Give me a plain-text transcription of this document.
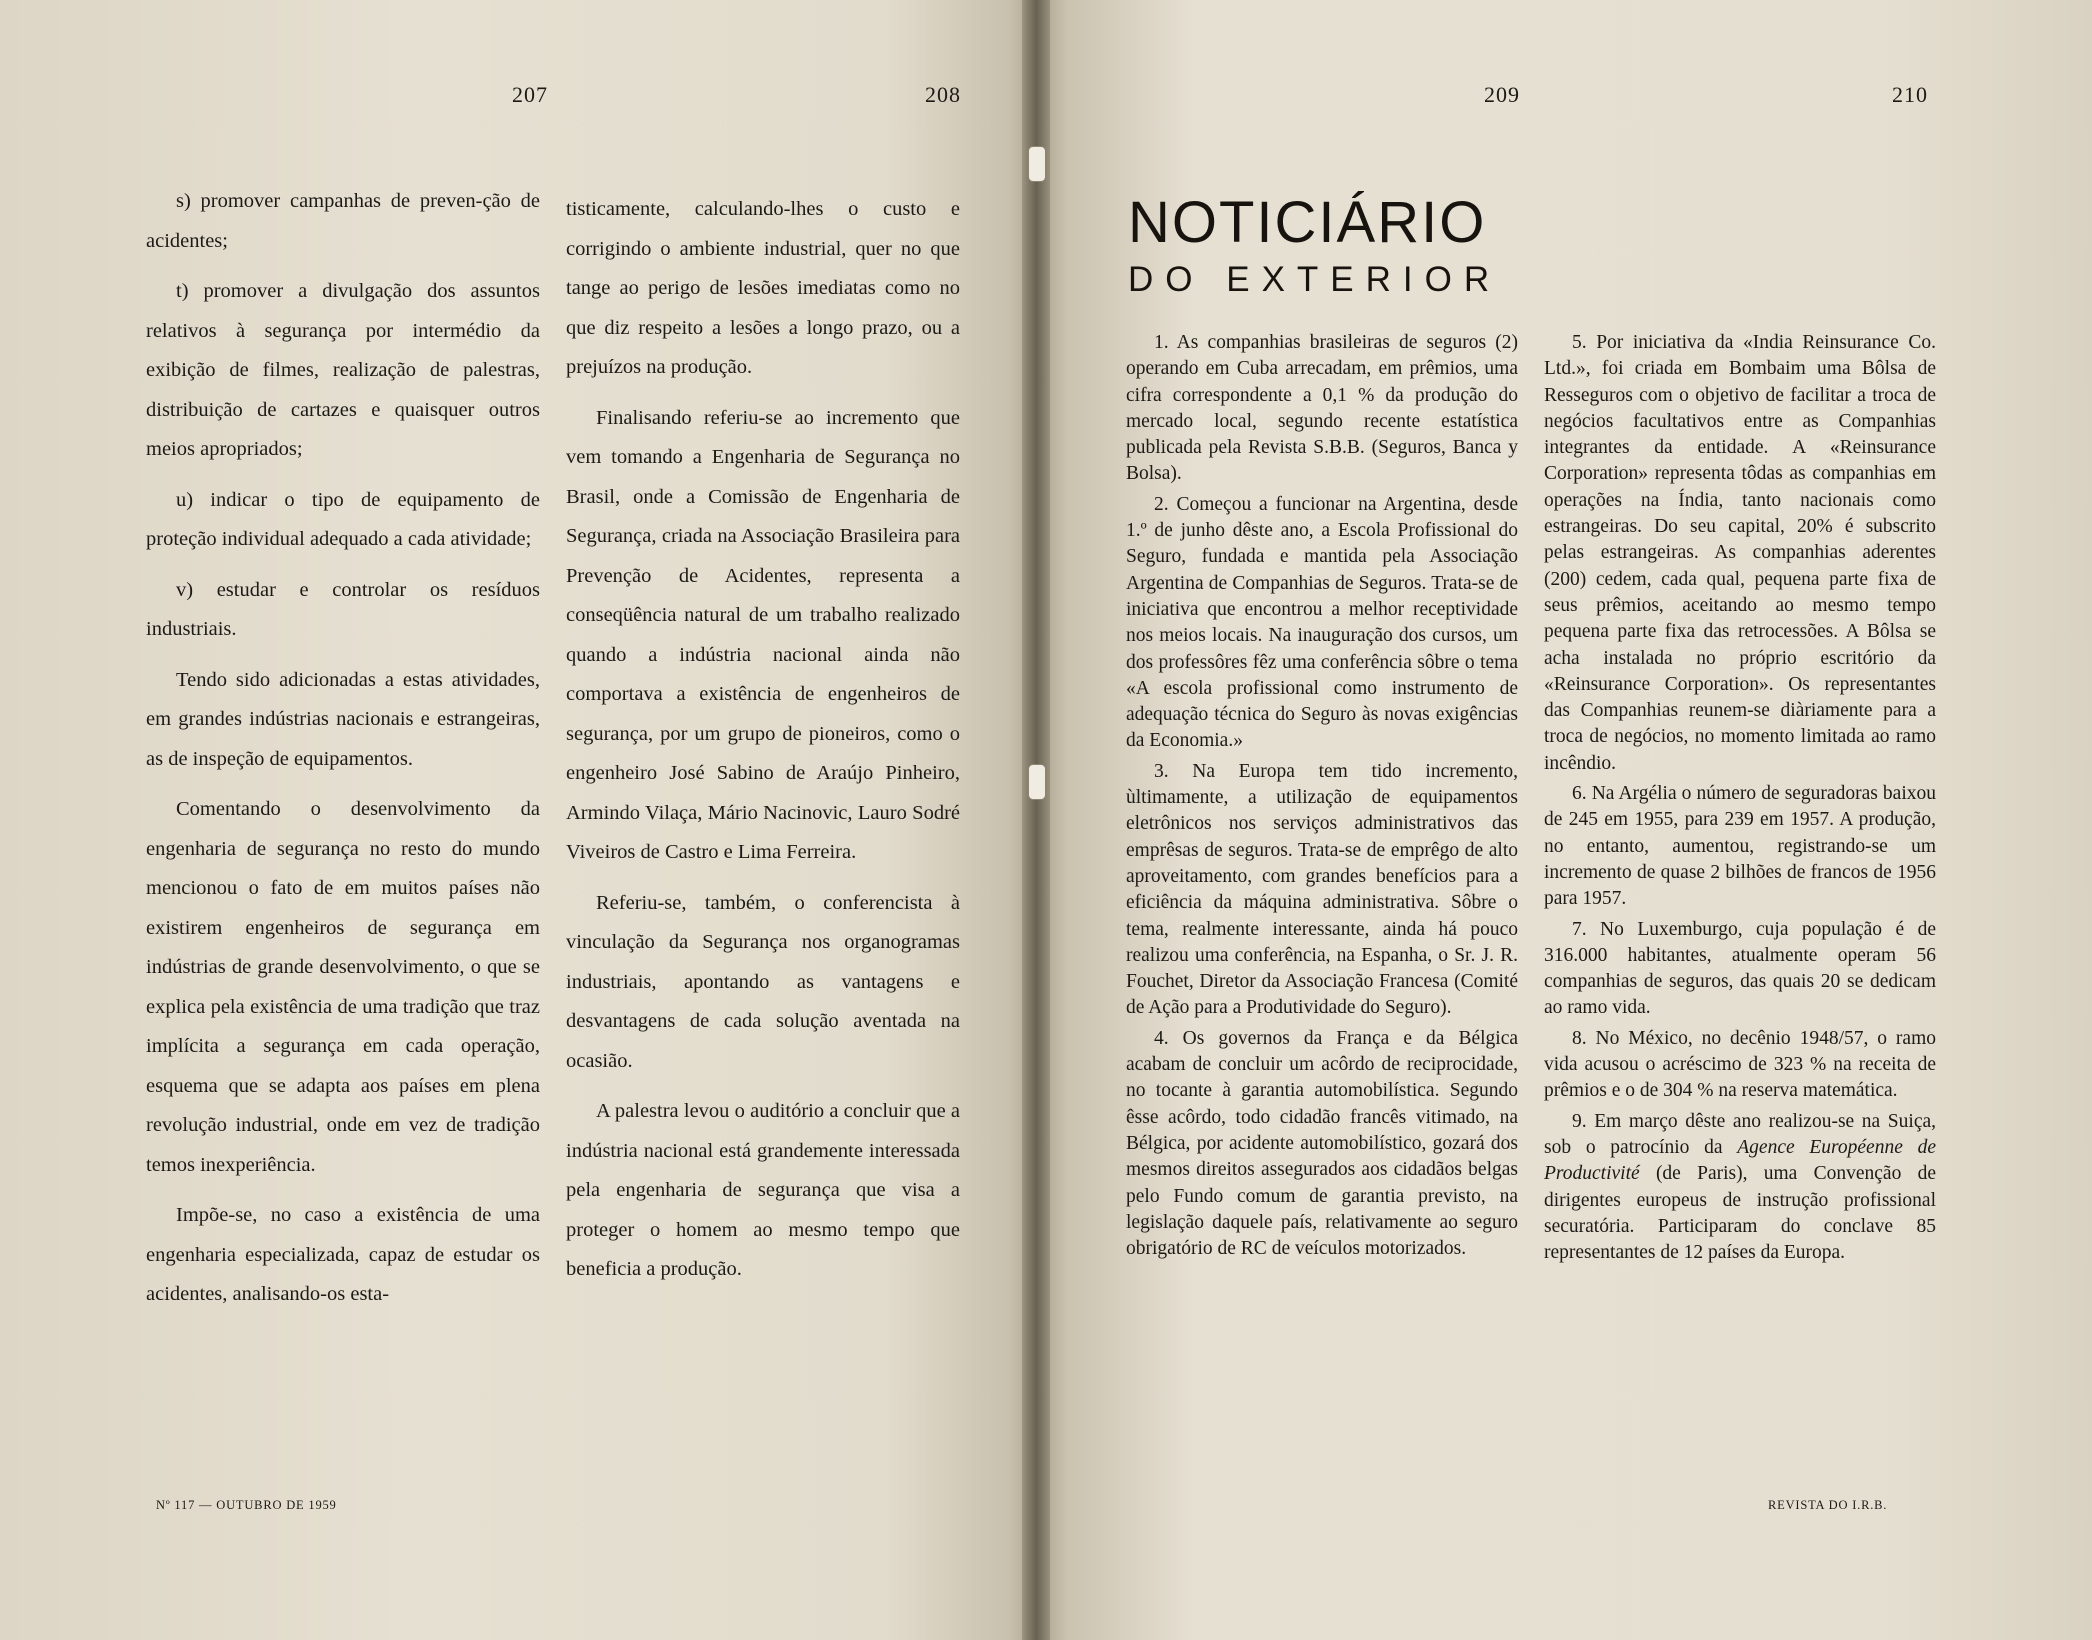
207	208

s) promover campanhas de preven-ção de acidentes;

t) promover a divulgação dos assuntos relativos à segurança por intermédio da exibição de filmes, realização de palestras, distribuição de cartazes e quaisquer outros meios apropriados;

u) indicar o tipo de equipamento de proteção individual adequado a cada atividade;

v) estudar e controlar os resíduos industriais.

Tendo sido adicionadas a estas atividades, em grandes indústrias nacionais e estrangeiras, as de inspeção de equipamentos.

Comentando o desenvolvimento da engenharia de segurança no resto do mundo mencionou o fato de em muitos países não existirem engenheiros de segurança em indústrias de grande desenvolvimento, o que se explica pela existência de uma tradição que traz implícita a segurança em cada operação, esquema que se adapta aos países em plena revolução industrial, onde em vez de tradição temos inexperiência.

Impõe-se, no caso a existência de uma engenharia especializada, capaz de estudar os acidentes, analisando-os esta-

tisticamente, calculando-lhes o custo e corrigindo o ambiente industrial, quer no que tange ao perigo de lesões imediatas como no que diz respeito a lesões a longo prazo, ou a prejuízos na produção.

Finalisando referiu-se ao incremento que vem tomando a Engenharia de Segurança no Brasil, onde a Comissão de Engenharia de Segurança, criada na Associação Brasileira para Prevenção de Acidentes, representa a conseqüência natural de um trabalho realizado quando a indústria nacional ainda não comportava a existência de engenheiros de segurança, por um grupo de pioneiros, como o engenheiro José Sabino de Araújo Pinheiro, Armindo Vilaça, Mário Nacinovic, Lauro Sodré Viveiros de Castro e Lima Ferreira.

Referiu-se, também, o conferencista à vinculação da Segurança nos organogramas industriais, apontando as vantagens e desvantagens de cada solução aventada na ocasião.

A palestra levou o auditório a concluir que a indústria nacional está grandemente interessada pela engenharia de segurança que visa a proteger o homem ao mesmo tempo que beneficia a produção.

Nº 117 — OUTUBRO DE 1959
209	210

1. As companhias brasileiras de seguros (2) operando em Cuba arrecadam, em prêmios, uma cifra correspondente a 0,1 % da produção do mercado local, segundo recente estatística publicada pela Revista S.B.B. (Seguros, Banca y Bolsa).

2. Começou a funcionar na Argentina, desde 1.º de junho dêste ano, a Escola Profissional do Seguro, fundada e mantida pela Associação Argentina de Companhias de Seguros. Trata-se de iniciativa que encontrou a melhor receptividade nos meios locais. Na inauguração dos cursos, um dos professôres fêz uma conferência sôbre o tema «A escola profissional como instrumento de adequação técnica do Seguro às novas exigências da Economia.»

3. Na Europa tem tido incremento, ùltimamente, a utilização de equipamentos eletrônicos nos serviços administrativos das emprêsas de seguros. Trata-se de emprêgo de alto aproveitamento, com grandes benefícios para a eficiência da máquina administrativa. Sôbre o tema, realmente interessante, ainda há pouco realizou uma conferência, na Espanha, o Sr. J. R. Fouchet, Diretor da Associação Francesa (Comité de Ação para a Produtividade do Seguro).

4. Os governos da França e da Bélgica acabam de concluir um acôrdo de reciprocidade, no tocante à garantia automobilística. Segundo êsse acôrdo, todo cidadão francês vitimado, na Bélgica, por acidente automobilístico, gozará dos mesmos direitos assegurados aos cidadãos belgas pelo Fundo comum de garantia previsto, na legislação daquele país, relativamente ao seguro obrigatório de RC de veículos motorizados.

5. Por iniciativa da «India Reinsurance Co. Ltd.», foi criada em Bombaim uma Bôlsa de Resseguros com o objetivo de facilitar a troca de negócios facultativos entre as Companhias integrantes da entidade. A «Reinsurance Corporation» representa tôdas as companhias em operações na Índia, tanto nacionais como estrangeiras. Do seu capital, 20% é subscrito pelas estrangeiras. As companhias aderentes (200) cedem, cada qual, pequena parte fixa de seus prêmios, aceitando ao mesmo tempo pequena parte fixa das retrocessões. A Bôlsa se acha instalada no próprio escritório da «Reinsurance Corporation». Os representantes das Companhias reunem-se diàriamente para a troca de negócios, no momento limitada ao ramo incêndio.

6. Na Argélia o número de seguradoras baixou de 245 em 1955, para 239 em 1957. A produção, no entanto, aumentou, registrando-se um incremento de quase 2 bilhões de francos de 1956 para 1957.

7. No Luxemburgo, cuja população é de 316.000 habitantes, atualmente operam 56 companhias de seguros, das quais 20 se dedicam ao ramo vida.

8. No México, no decênio 1948/57, o ramo vida acusou o acréscimo de 323 % na receita de prêmios e o de 304 % na reserva matemática.

9. Em março dêste ano realizou-se na Suiça, sob o patrocínio da Agence Européenne de Productivité (de Paris), uma Convenção de dirigentes europeus de instrução profissional securatória. Participaram do conclave 85 representantes de 12 países da Europa.

REVISTA DO I.R.B.
NOTICIÁRIO
DO EXTERIOR
